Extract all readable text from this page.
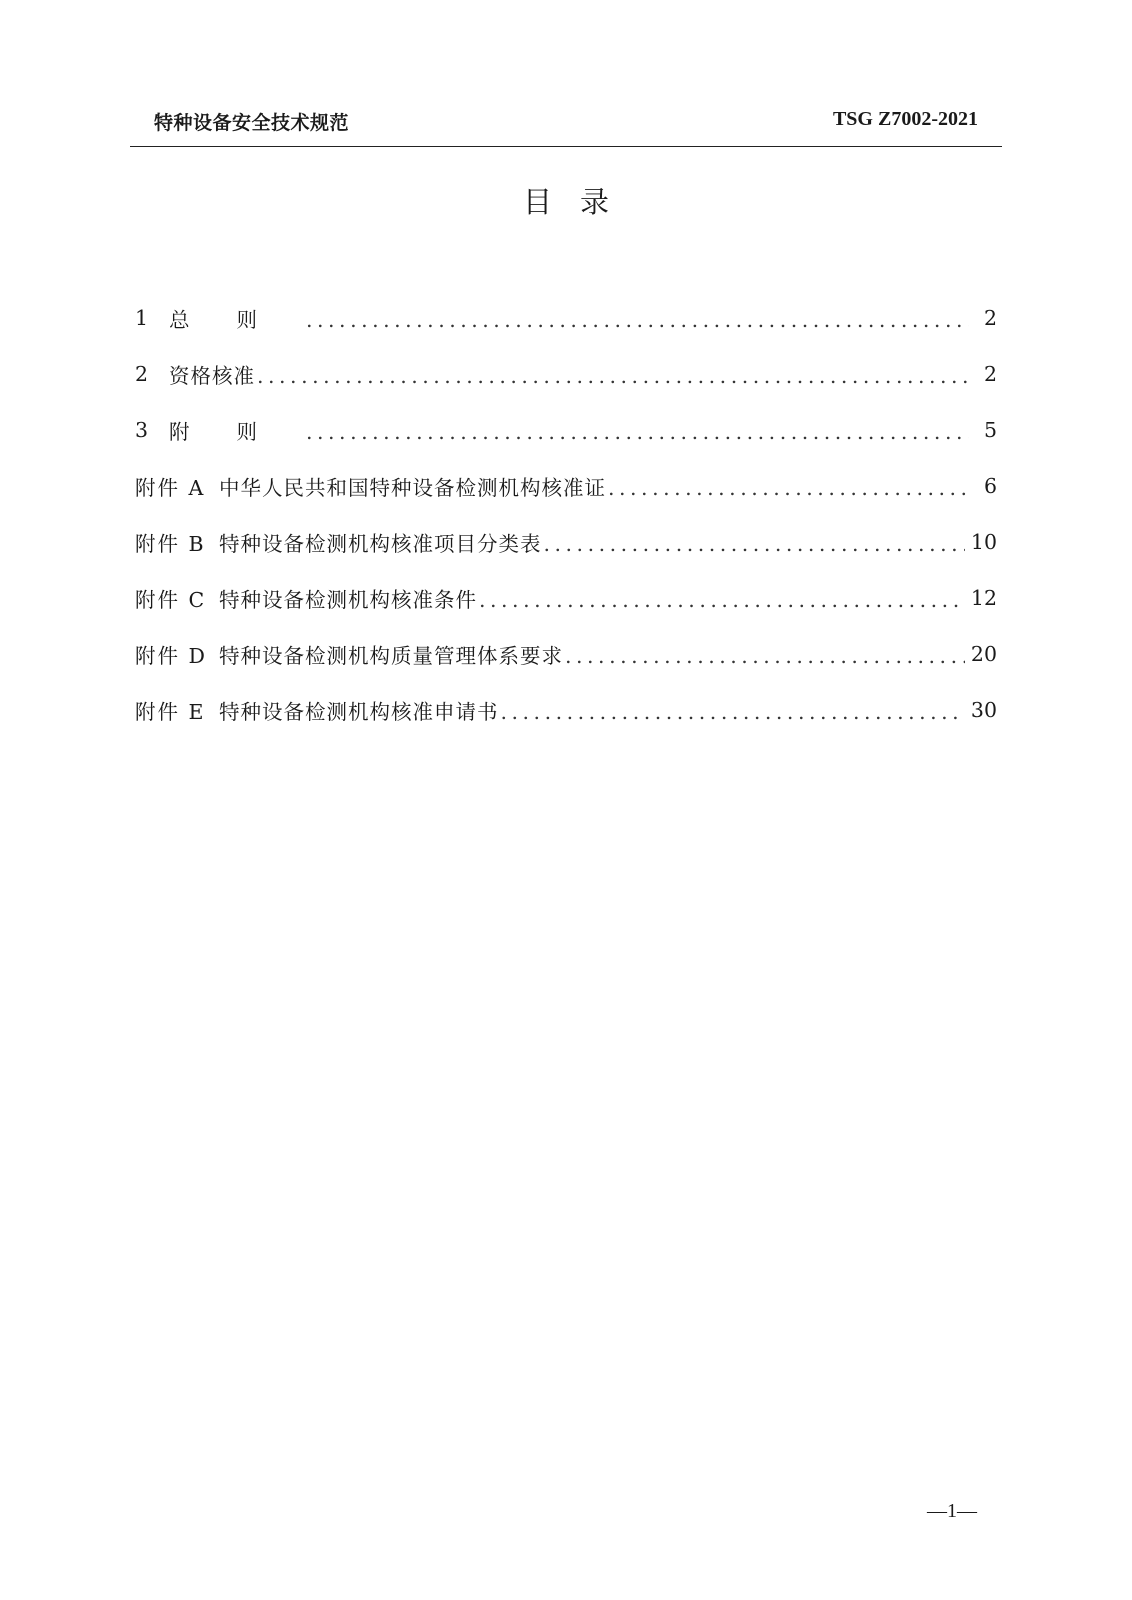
特种设备安全技术规范	TSG Z7002-2021
目录
1 总则 .....	2
2 资格核准 .....	2
3 附则 .....	5
附件 A 中华人民共和国特种设备检测机构核准证 .....	6
附件 B 特种设备检测机构核准项目分类表 .....	10
附件 C 特种设备检测机构核准条件 .....	12
附件 D 特种设备检测机构质量管理体系要求 .....	20
附件 E 特种设备检测机构核准申请书 .....	30
—1—
